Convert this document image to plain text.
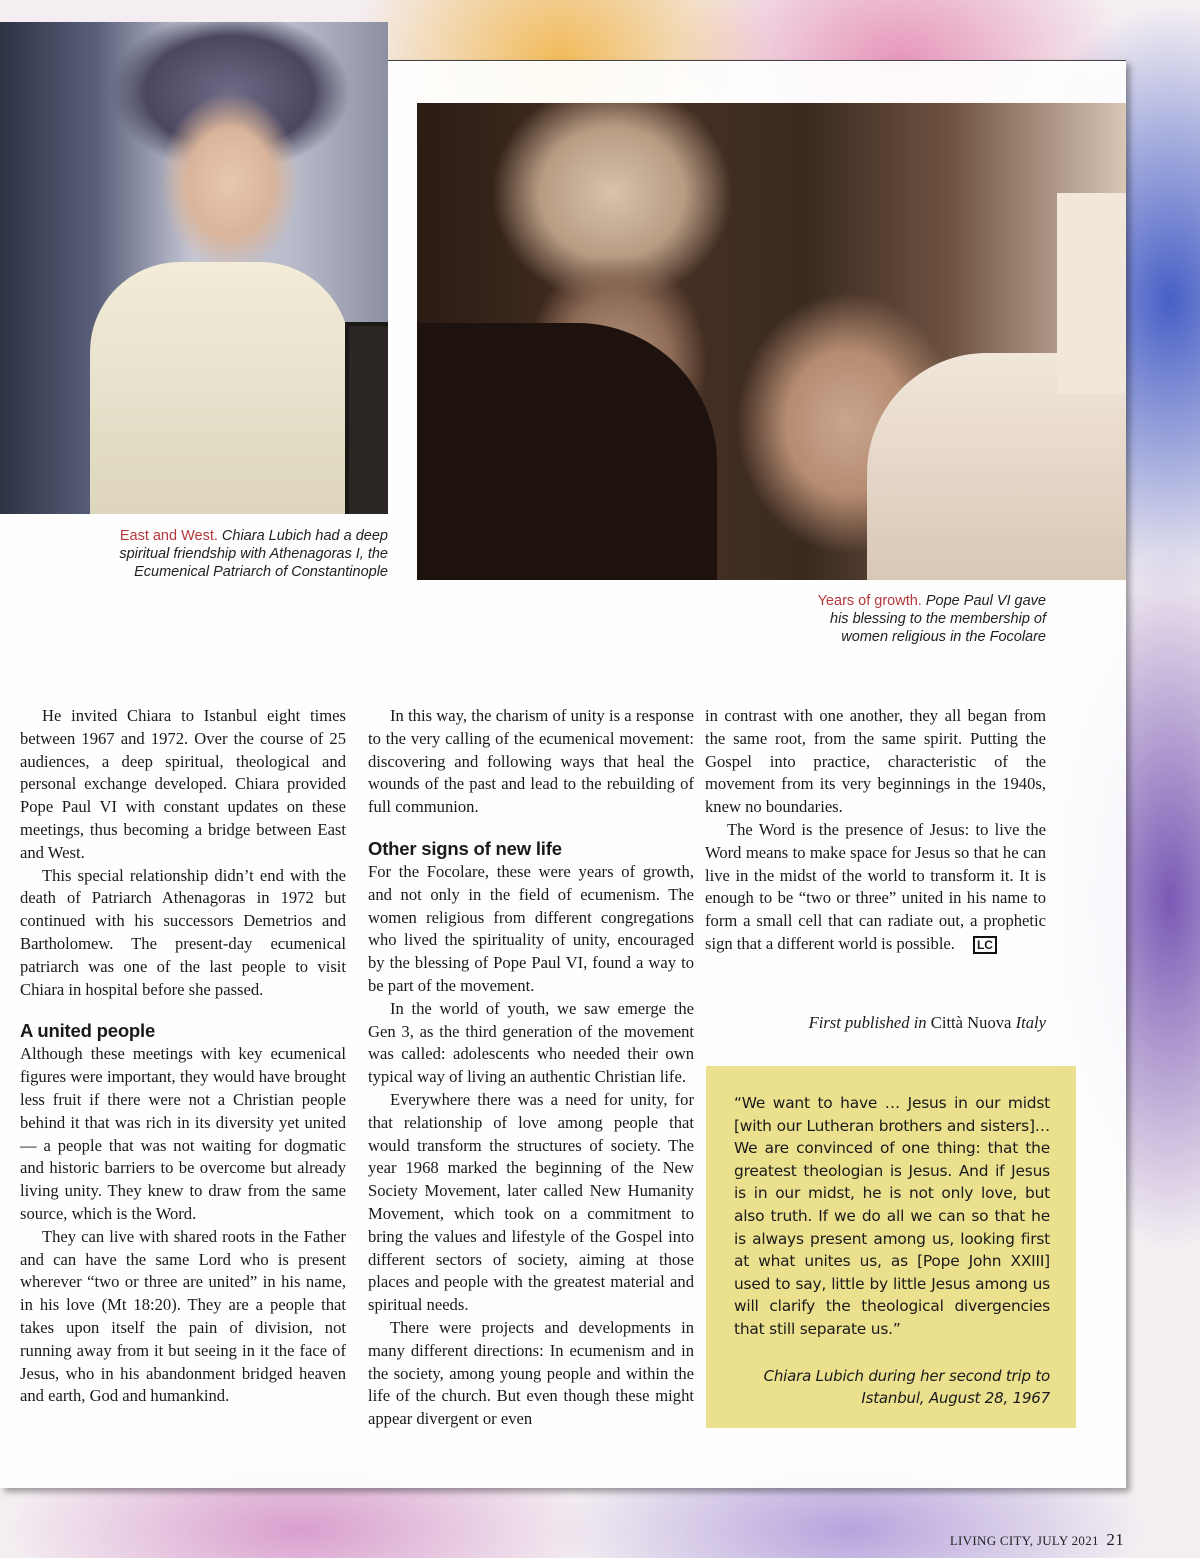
East and West. Chiara Lubich had a deep
spiritual friendship with Athenagoras I, the
Ecumenical Patriarch of Constantinople
Years of growth. Pope Paul VI gave
his blessing to the membership of
women religious in the Focolare

He invited Chiara to Istanbul eight times between 1967 and 1972. Over the course of 25 audiences, a deep spiritual, theological and personal exchange developed. Chiara provided Pope Paul VI with constant updates on these meetings, thus becoming a bridge between East and West.

This special relationship didn’t end with the death of Patriarch Athenagoras in 1972 but continued with his successors Demetrios and Bartholomew. The present-day ecumenical patriarch was one of the last people to visit Chiara in hospital before she passed.

A united people

Although these meetings with key ecumenical figures were important, they would have brought less fruit if there were not a Christian people behind it that was rich in its diversity yet united — a people that was not waiting for dogmatic and historic barriers to be overcome but already living unity. They knew to draw from the same source, which is the Word.

They can live with shared roots in the Father and can have the same Lord who is present wherever “two or three are united” in his name, in his love (Mt 18:20). They are a people that takes upon itself the pain of division, not running away from it but seeing in it the face of Jesus, who in his abandonment bridged heaven and earth, God and humankind.

In this way, the charism of unity is a response to the very calling of the ecumenical movement: discovering and following ways that heal the wounds of the past and lead to the rebuilding of full communion.

Other signs of new life

For the Focolare, these were years of growth, and not only in the field of ecumenism. The women religious from different congregations who lived the spirituality of unity, encouraged by the blessing of Pope Paul VI, found a way to be part of the movement.

In the world of youth, we saw emerge the Gen 3, as the third generation of the movement was called: adolescents who needed their own typical way of living an authentic Christian life.

Everywhere there was a need for unity, for that relationship of love among people that would transform the structures of society. The year 1968 marked the beginning of the New Society Movement, later called New Humanity Movement, which took on a commitment to bring the values and lifestyle of the Gospel into different sectors of society, aiming at those places and people with the greatest material and spiritual needs.

There were projects and developments in many different directions: In ecumenism and in the society, among young people and within the life of the church. But even though these might appear divergent or even

in contrast with one another, they all began from the same root, from the same spirit. Putting the Gospel into practice, characteristic of the movement from its very beginnings in the 1940s, knew no boundaries.

The Word is the presence of Jesus: to live the Word means to make space for Jesus so that he can live in the midst of the world to transform it. It is enough to be “two or three” united in his name to form a small cell that can radiate out, a prophetic sign that a different world is possible. LC

First published in Città Nuova Italy

“We want to have … Jesus in our midst [with our Lutheran brothers and sisters]… We are convinced of one thing: that the greatest theologian is Jesus. And if Jesus is in our midst, he is not only love, but also truth. If we do all we can so that he is always present among us, looking first at what unites us, as [Pope John XXIII] used to say, little by little Jesus among us will clarify the theological divergencies that still separate us.”

Chiara Lubich during her second trip to
Istanbul, August 28, 1967

LIVING CITY, JULY 2021 21
